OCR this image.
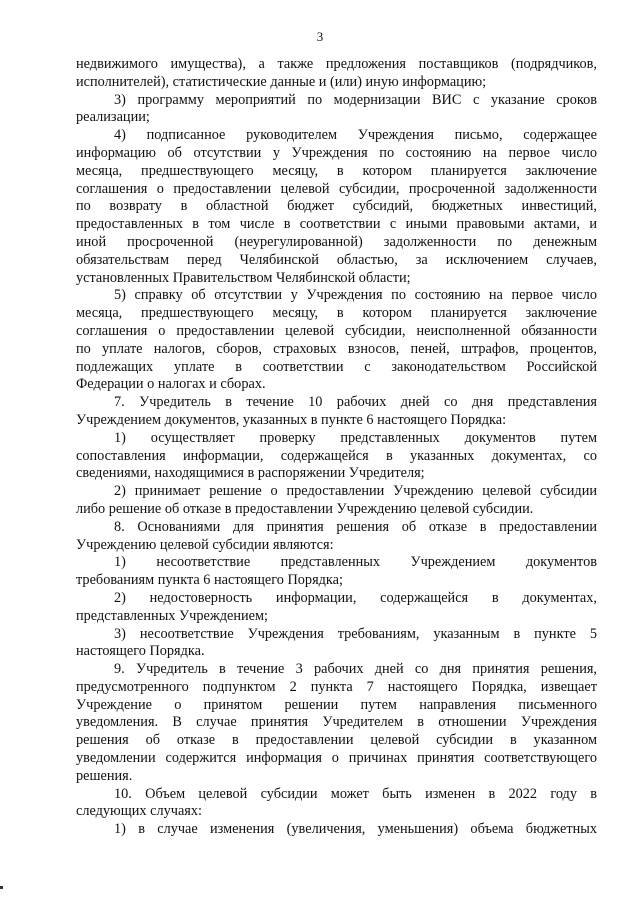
3
недвижимого имущества), а также предложения поставщиков (подрядчиков,
исполнителей), статистические данные и (или) иную информацию;
3) программу мероприятий по модернизации ВИС с указание сроков
реализации;
4) подписанное руководителем Учреждения письмо, содержащее
информацию об отсутствии у Учреждения по состоянию на первое число
месяца, предшествующего месяцу, в котором планируется заключение
соглашения о предоставлении целевой субсидии, просроченной задолженности
по возврату в областной бюджет субсидий, бюджетных инвестиций,
предоставленных в том числе в соответствии с иными правовыми актами, и
иной просроченной (неурегулированной) задолженности по денежным
обязательствам перед Челябинской областью, за исключением случаев,
установленных Правительством Челябинской области;
5) справку об отсутствии у Учреждения по состоянию на первое число
месяца, предшествующего месяцу, в котором планируется заключение
соглашения о предоставлении целевой субсидии, неисполненной обязанности
по уплате налогов, сборов, страховых взносов, пеней, штрафов, процентов,
подлежащих уплате в соответствии с законодательством Российской
Федерации о налогах и сборах.
7. Учредитель в течение 10 рабочих дней со дня представления
Учреждением документов, указанных в пункте 6 настоящего Порядка:
1) осуществляет проверку представленных документов путем
сопоставления информации, содержащейся в указанных документах, со
сведениями, находящимися в распоряжении Учредителя;
2) принимает решение о предоставлении Учреждению целевой субсидии
либо решение об отказе в предоставлении Учреждению целевой субсидии.
8. Основаниями для принятия решения об отказе в предоставлении
Учреждению целевой субсидии являются:
1) несоответствие представленных Учреждением документов
требованиям пункта 6 настоящего Порядка;
2) недостоверность информации, содержащейся в документах,
представленных Учреждением;
3) несоответствие Учреждения требованиям, указанным в пункте 5
настоящего Порядка.
9. Учредитель в течение 3 рабочих дней со дня принятия решения,
предусмотренного подпунктом 2 пункта 7 настоящего Порядка, извещает
Учреждение о принятом решении путем направления письменного
уведомления. В случае принятия Учредителем в отношении Учреждения
решения об отказе в предоставлении целевой субсидии в указанном
уведомлении содержится информация о причинах принятия соответствующего
решения.
10. Объем целевой субсидии может быть изменен в 2022 году в
следующих случаях:
1) в случае изменения (увеличения, уменьшения) объема бюджетных
